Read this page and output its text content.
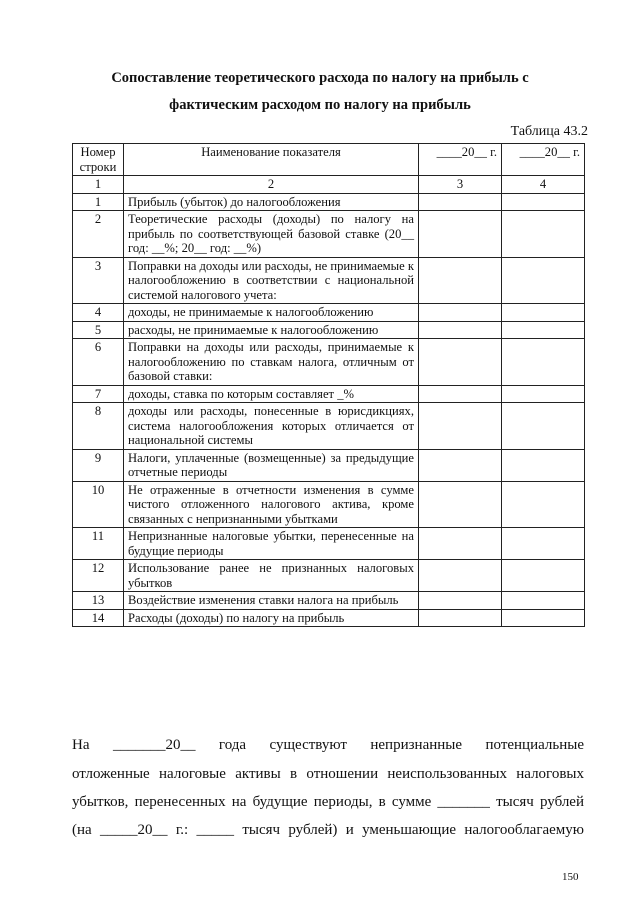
Сопоставление теоретического расхода по налогу на прибыль с
фактическим расходом по налогу на прибыль
Таблица 43.2
Номер строки	Наименование показателя	____20__ г.	____20__ г.
1	2	3	4
1	Прибыль (убыток) до налогообложения		
2	Теоретические расходы (доходы) по налогу на прибыль по соответствующей базовой ставке (20__ год: __%; 20__ год: __%)		
3	Поправки на доходы или расходы, не принимаемые к налогообложению в соответствии с национальной системой налогового учета:		
4	доходы, не принимаемые к налогообложению		
5	расходы, не принимаемые к налогообложению		
6	Поправки на доходы или расходы, принимаемые к налогообложению по ставкам налога, отличным от базовой ставки:		
7	доходы, ставка по которым составляет _%		
8	доходы или расходы, понесенные в юрисдикциях, система налогообложения которых отличается от национальной системы		
9	Налоги, уплаченные (возмещенные) за предыдущие отчетные периоды		
10	Не отраженные в отчетности изменения в сумме чистого отложенного налогового актива, кроме связанных с непризнанными убытками		
11	Непризнанные налоговые убытки, перенесенные на будущие периоды		
12	Использование ранее не признанных налоговых убытков		
13	Воздействие изменения ставки налога на прибыль		
14	Расходы (доходы) по налогу на прибыль		
На _______20__ года существуют непризнанные потенциальные
отложенные налоговые активы в отношении неиспользованных налоговых
убытков, перенесенных на будущие периоды, в сумме _______ тысяч рублей
(на _____20__ г.: _____ тысяч рублей) и уменьшающие налогооблагаемую
150
